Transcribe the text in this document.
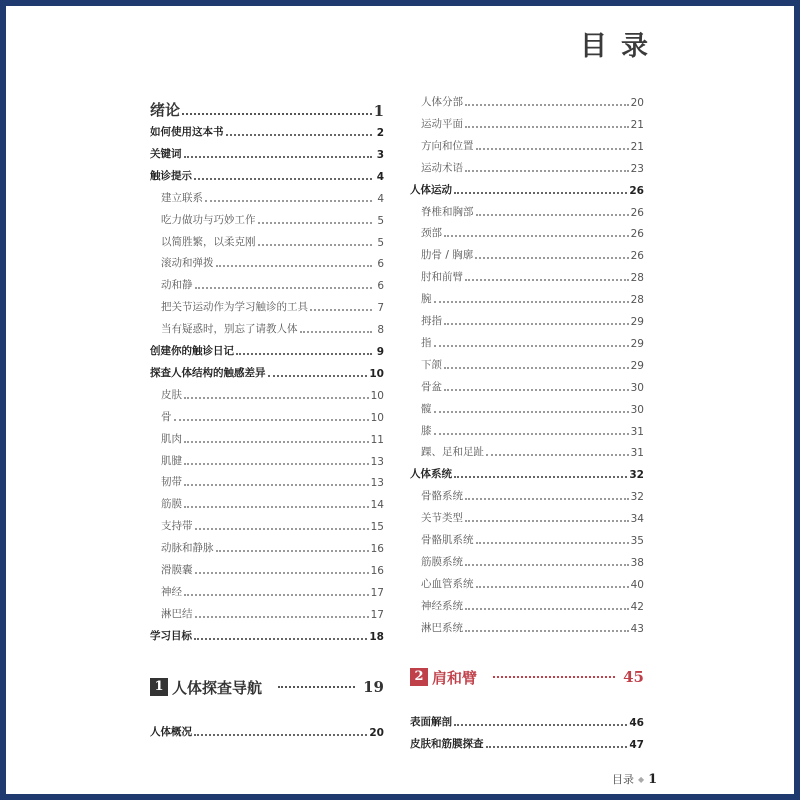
目录
绪论	1
如何使用这本书	2
关键词	3
触诊提示	4
建立联系	4
吃力做功与巧妙工作	5
以简胜繁，以柔克刚	5
滚动和弹拨	6
动和静	6
把关节运动作为学习触诊的工具	7
当有疑惑时，别忘了请教人体	8
创建你的触诊日记	9
探查人体结构的触感差异	10
皮肤	10
骨	10
肌肉	11
肌腱	13
韧带	13
筋膜	14
支持带	15
动脉和静脉	16
滑膜囊	16
神经	17
淋巴结	17
学习目标	18
1 人体探查导航	19
人体概况	20
人体分部	20
运动平面	21
方向和位置	21
运动术语	23
人体运动	26
脊椎和胸部	26
颈部	26
肋骨 / 胸廓	26
肘和前臂	28
腕	28
拇指	29
指	29
下颌	29
骨盆	30
髋	30
膝	31
踝、足和足趾	31
人体系统	32
骨骼系统	32
关节类型	34
骨骼肌系统	35
筋膜系统	38
心血管系统	40
神经系统	42
淋巴系统	43
2 肩和臂	45
表面解剖	46
皮肤和筋膜探查	47
目录 ◆ 1
